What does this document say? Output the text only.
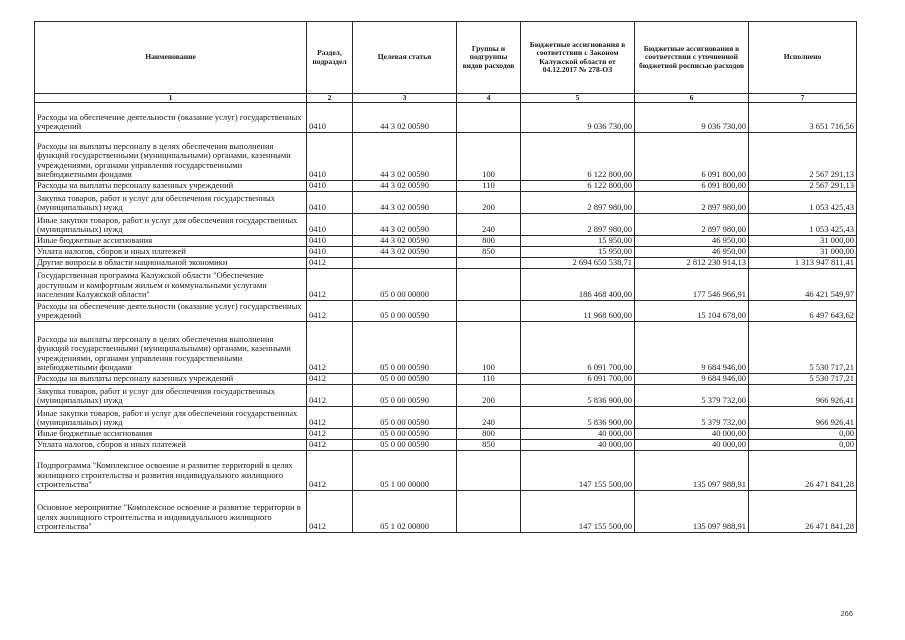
Наименование	Раздел, подраздел	Целевая статья	Группы и подгруппы видов расходов	Бюджетные ассигнования в соответствии с Законом Калужской области от 04.12.2017 № 278-ОЗ	Бюджетные ассигнования в соответствии с уточненной бюджетной росписью расходов	Исполнено
1	2	3	4	5	6	7
Расходы на обеспечение деятельности (оказание услуг) государственных учреждений	0410	44 3 02 00590		9 036 730,00	9 036 730,00	3 651 716,56
Расходы на выплаты персоналу в целях обеспечения выполнения функций государственными (муниципальными) органами, казенными учреждениями, органами управления государственными внебюджетными фондами	0410	44 3 02 00590	100	6 122 800,00	6 091 800,00	2 567 291,13
Расходы на выплаты персоналу казенных учреждений	0410	44 3 02 00590	110	6 122 800,00	6 091 800,00	2 567 291,13
Закупка товаров, работ и услуг для обеспечения государственных (муниципальных) нужд	0410	44 3 02 00590	200	2 897 980,00	2 897 980,00	1 053 425,43
Иные закупки товаров, работ и услуг для обеспечения государственных (муниципальных) нужд	0410	44 3 02 00590	240	2 897 980,00	2 897 980,00	1 053 425,43
Иные бюджетные ассигнования	0410	44 3 02 00590	800	15 950,00	46 950,00	31 000,00
Уплата налогов, сборов и иных платежей	0410	44 3 02 00590	850	15 950,00	46 950,00	31 000,00
Другие вопросы в области национальной экономики	0412			2 694 650 538,71	2 812 230 914,13	1 313 947 811,41
Государственная программа Калужской области "Обеспечение доступным и комфортным жильем и коммунальными услугами населения Калужской области"	0412	05 0 00 00000		186 468 400,00	177 546 966,91	46 421 549,97
Расходы на обеспечение деятельности (оказание услуг) государственных учреждений	0412	05 0 00 00590		11 968 600,00	15 104 678,00	6 497 643,62
Расходы на выплаты персоналу в целях обеспечения выполнения функций государственными (муниципальными) органами, казенными учреждениями, органами управления государственными внебюджетными фондами	0412	05 0 00 00590	100	6 091 700,00	9 684 946,00	5 530 717,21
Расходы на выплаты персоналу казенных учреждений	0412	05 0 00 00590	110	6 091 700,00	9 684 946,00	5 530 717,21
Закупка товаров, работ и услуг для обеспечения государственных (муниципальных) нужд	0412	05 0 00 00590	200	5 836 900,00	5 379 732,00	966 926,41
Иные закупки товаров, работ и услуг для обеспечения государственных (муниципальных) нужд	0412	05 0 00 00590	240	5 836 900,00	5 379 732,00	966 926,41
Иные бюджетные ассигнования	0412	05 0 00 00590	800	40 000,00	40 000,00	0,00
Уплата налогов, сборов и иных платежей	0412	05 0 00 00590	850	40 000,00	40 000,00	0,00
Подпрограмма "Комплексное освоение и развитие территорий в целях жилищного строительства и развития индивидуального жилищного строительства"	0412	05 1 00 00000		147 155 500,00	135 097 988,91	26 471 841,28
Основное мероприятие "Комплексное освоение и развитие территории в целях жилищного строительства и индивидуального жилищного строительства"	0412	05 1 02 00000		147 155 500,00	135 097 988,91	26 471 841,28
266
